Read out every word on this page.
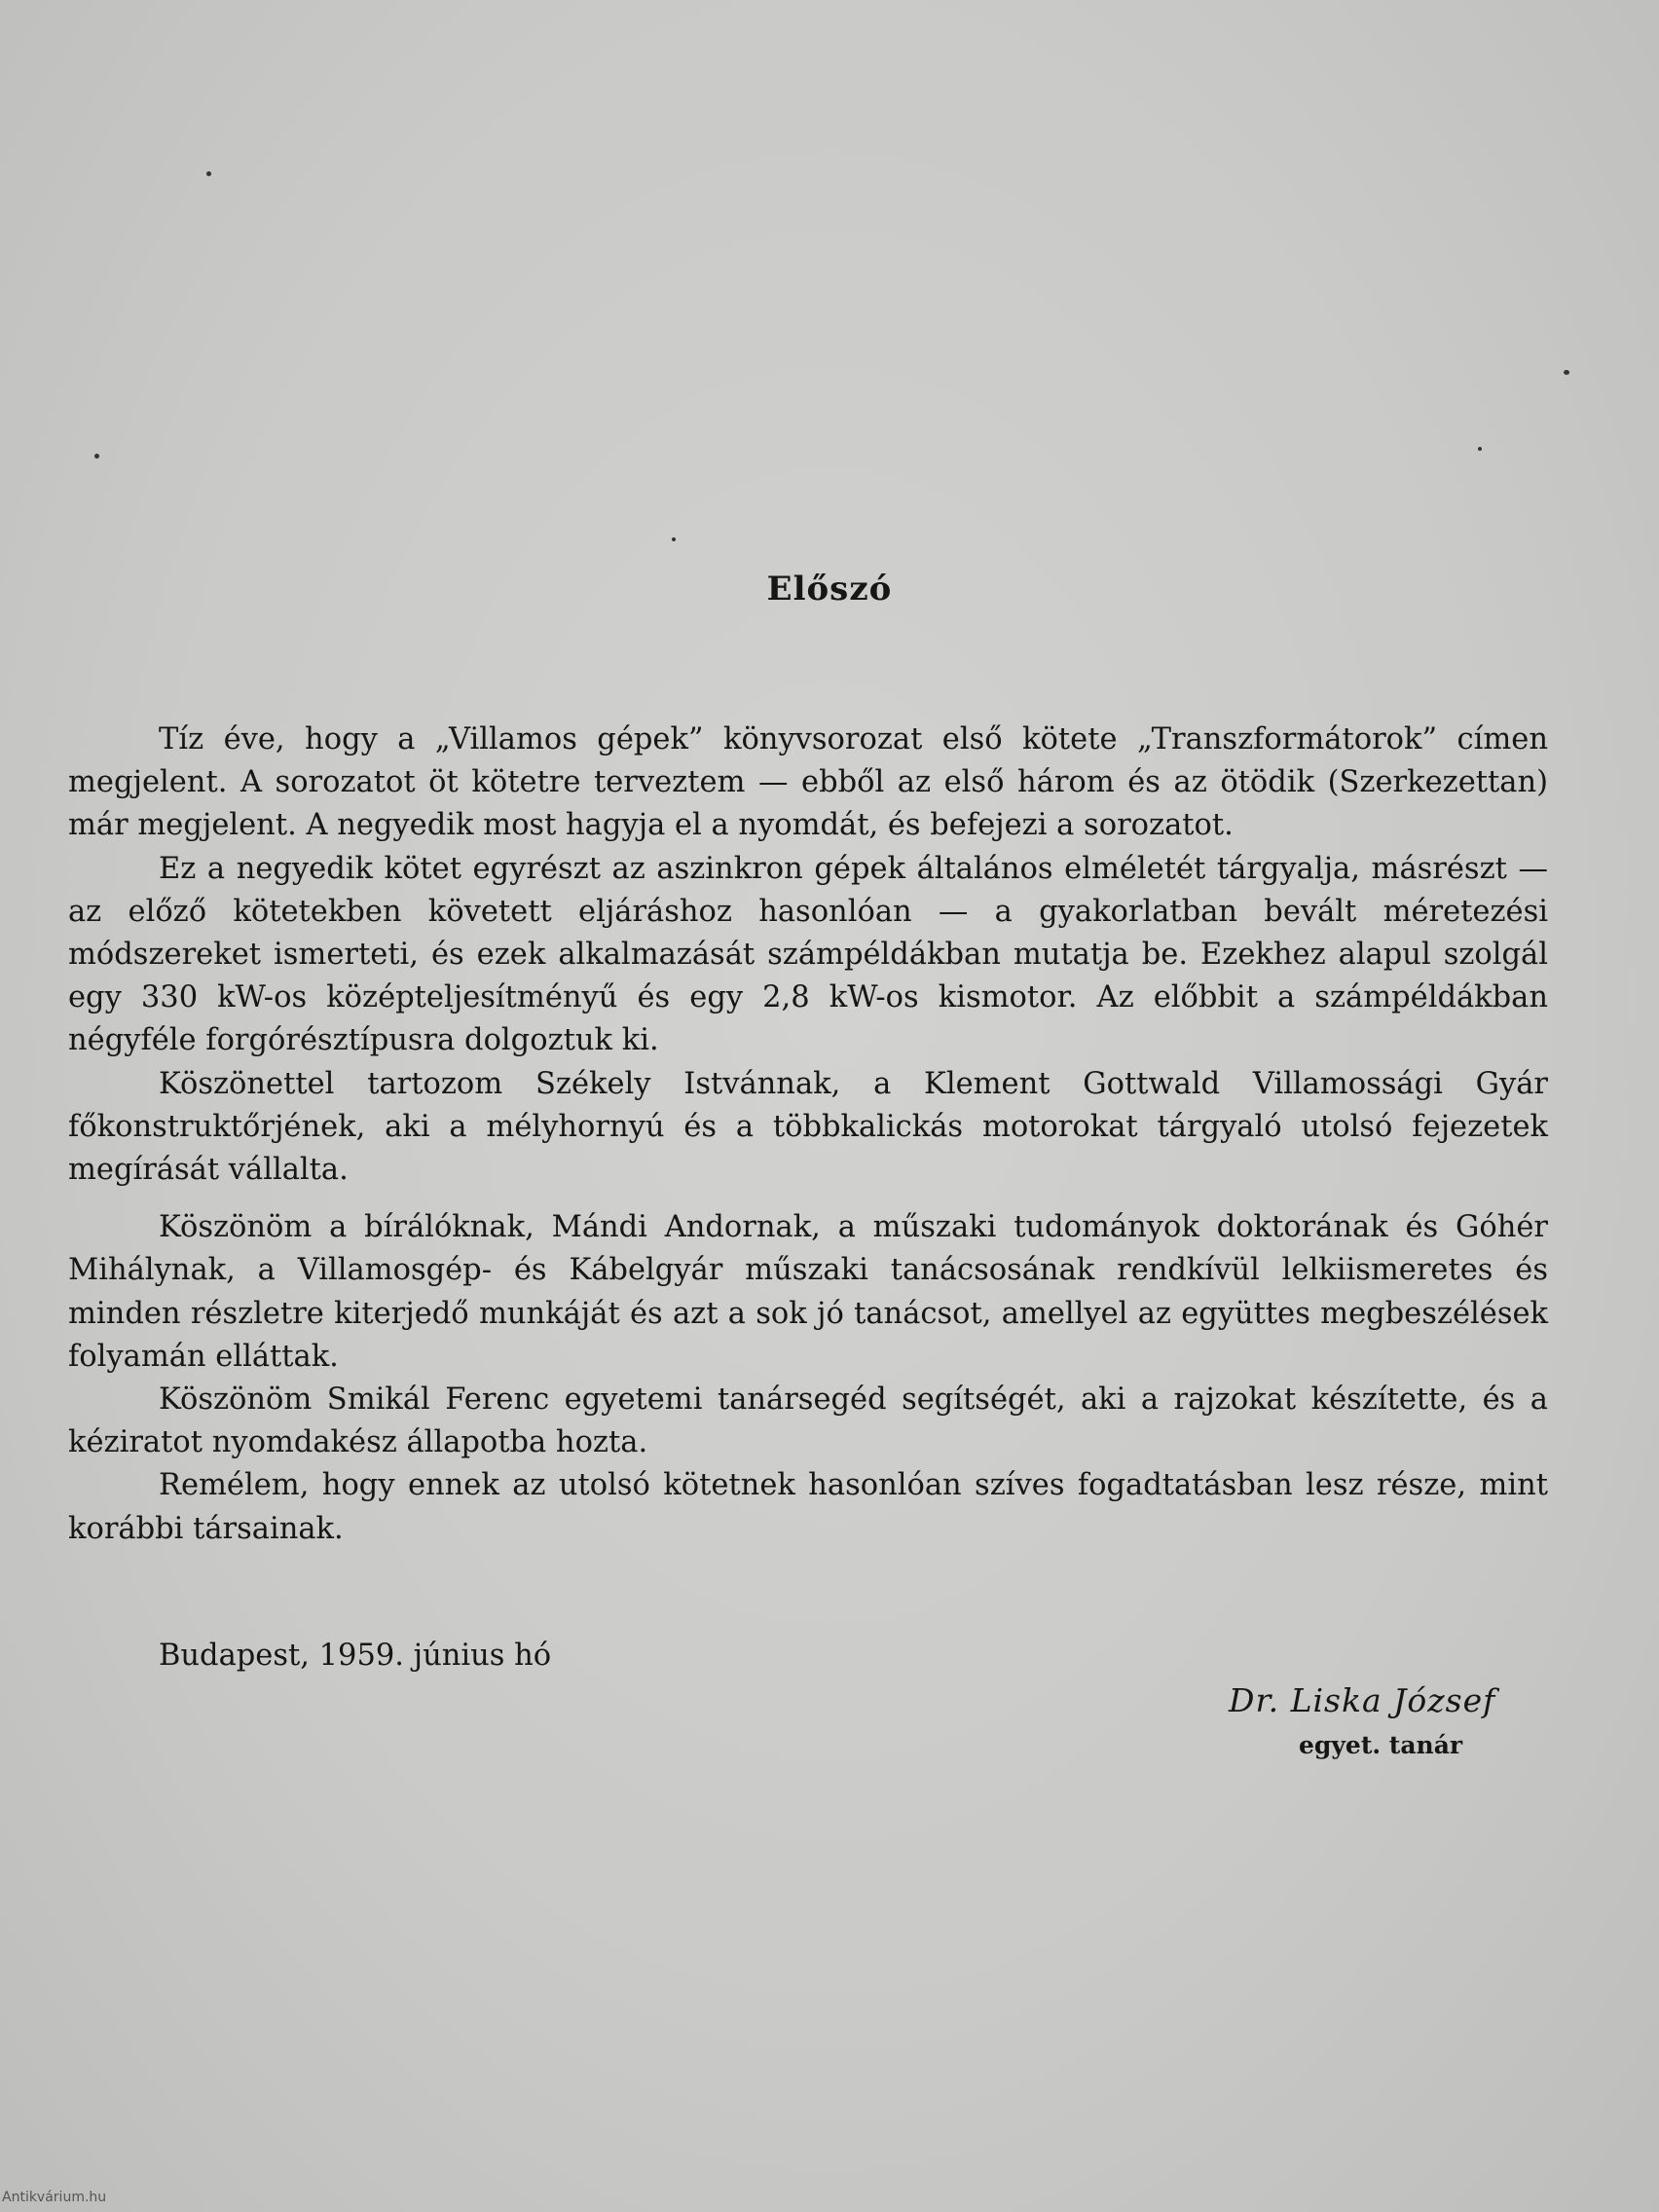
Előszó

Tíz éve, hogy a „Villamos gépek” könyvsorozat első kötete „Transzformátorok” címen megjelent. A sorozatot öt kötetre terveztem — ebből az első három és az ötödik (Szerkezettan) már megjelent. A negyedik most hagyja el a nyomdát, és befejezi a sorozatot.

Ez a negyedik kötet egyrészt az aszinkron gépek általános elméletét tárgyalja, másrészt — az előző kötetekben követett eljáráshoz hasonlóan — a gyakorlatban bevált méretezési módszereket ismerteti, és ezek alkalmazását számpéldákban mutatja be. Ezekhez alapul szolgál egy 330 kW-os középteljesítményű és egy 2,8 kW-os kismotor. Az előbbit a számpéldákban négyféle forgórésztípusra dolgoztuk ki.

Köszönettel tartozom Székely Istvánnak, a Klement Gottwald Villamossági Gyár főkonstruktőrjének, aki a mélyhornyú és a többkalickás motorokat tárgyaló utolsó fejezetek megírását vállalta.

Köszönöm a bírálóknak, Mándi Andornak, a műszaki tudományok doktorának és Góhér Mihálynak, a Villamosgép- és Kábelgyár műszaki tanácsosának rendkívül lelkiismeretes és minden részletre kiterjedő munkáját és azt a sok jó tanácsot, amellyel az együttes megbeszélések folyamán elláttak.

Köszönöm Smikál Ferenc egyetemi tanársegéd segítségét, aki a rajzokat készítette, és a kéziratot nyomdakész állapotba hozta.

Remélem, hogy ennek az utolsó kötetnek hasonlóan szíves fogadtatásban lesz része, mint korábbi társainak.

Budapest, 1959. június hó
Dr. Liska József
egyet. tanár
Antikvárium.hu
